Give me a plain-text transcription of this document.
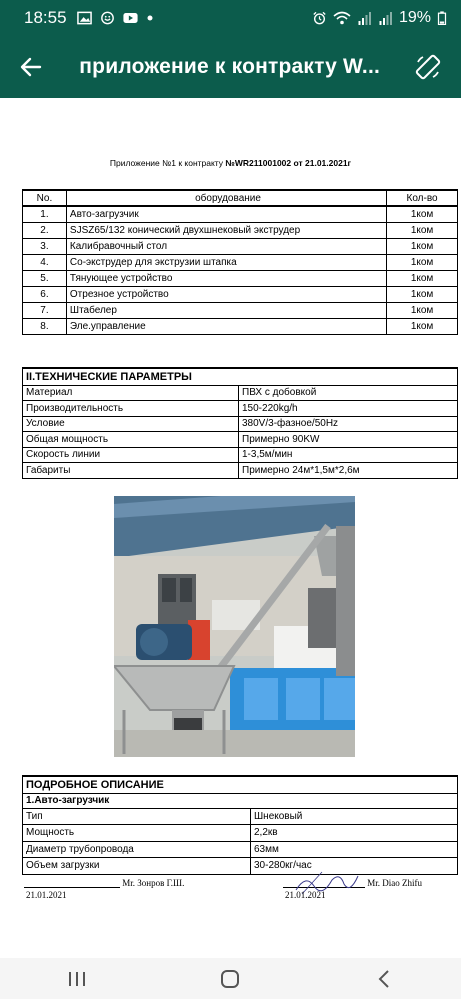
18:55	19%
приложение к контракту W...
Приложение №1 к контракту №WR211001002 от 21.01.2021г
No.	оборудование	Кол-во
1.	Авто-загрузчик	1ком
2.	SJSZ65/132 конический двухшнековый экструдер	1ком
3.	Калибравочный стол	1ком
4.	Со-экструдер для экструзии штапка	1ком
5.	Тянующее устройство	1ком
6.	Отрезное устройство	1ком
7.	Штабелер	1ком
8.	Эле.управление	1ком
II.ТЕХНИЧЕСКИЕ ПАРАМЕТРЫ	
Материал	ПВХ с добовкой
Производительность	150-220kg/h
Условие	380V/3-фазное/50Hz
Общая мощность	Примерно 90KW
Скорость линии	1-3,5м/мин
Габариты	Примерно 24м*1,5м*2,6м
ПОДРОБНОЕ ОПИСАНИЕ	
1.Авто-загрузчик	
Тип	Шнековый
Мощность	2,2кв
Диаметр трубопровода	63мм
Объем загрузки	30-280кг/час
Mr. Зонров Г.Ш.
21.01.2021
Mr. Diao Zhifu
21.01.2021
